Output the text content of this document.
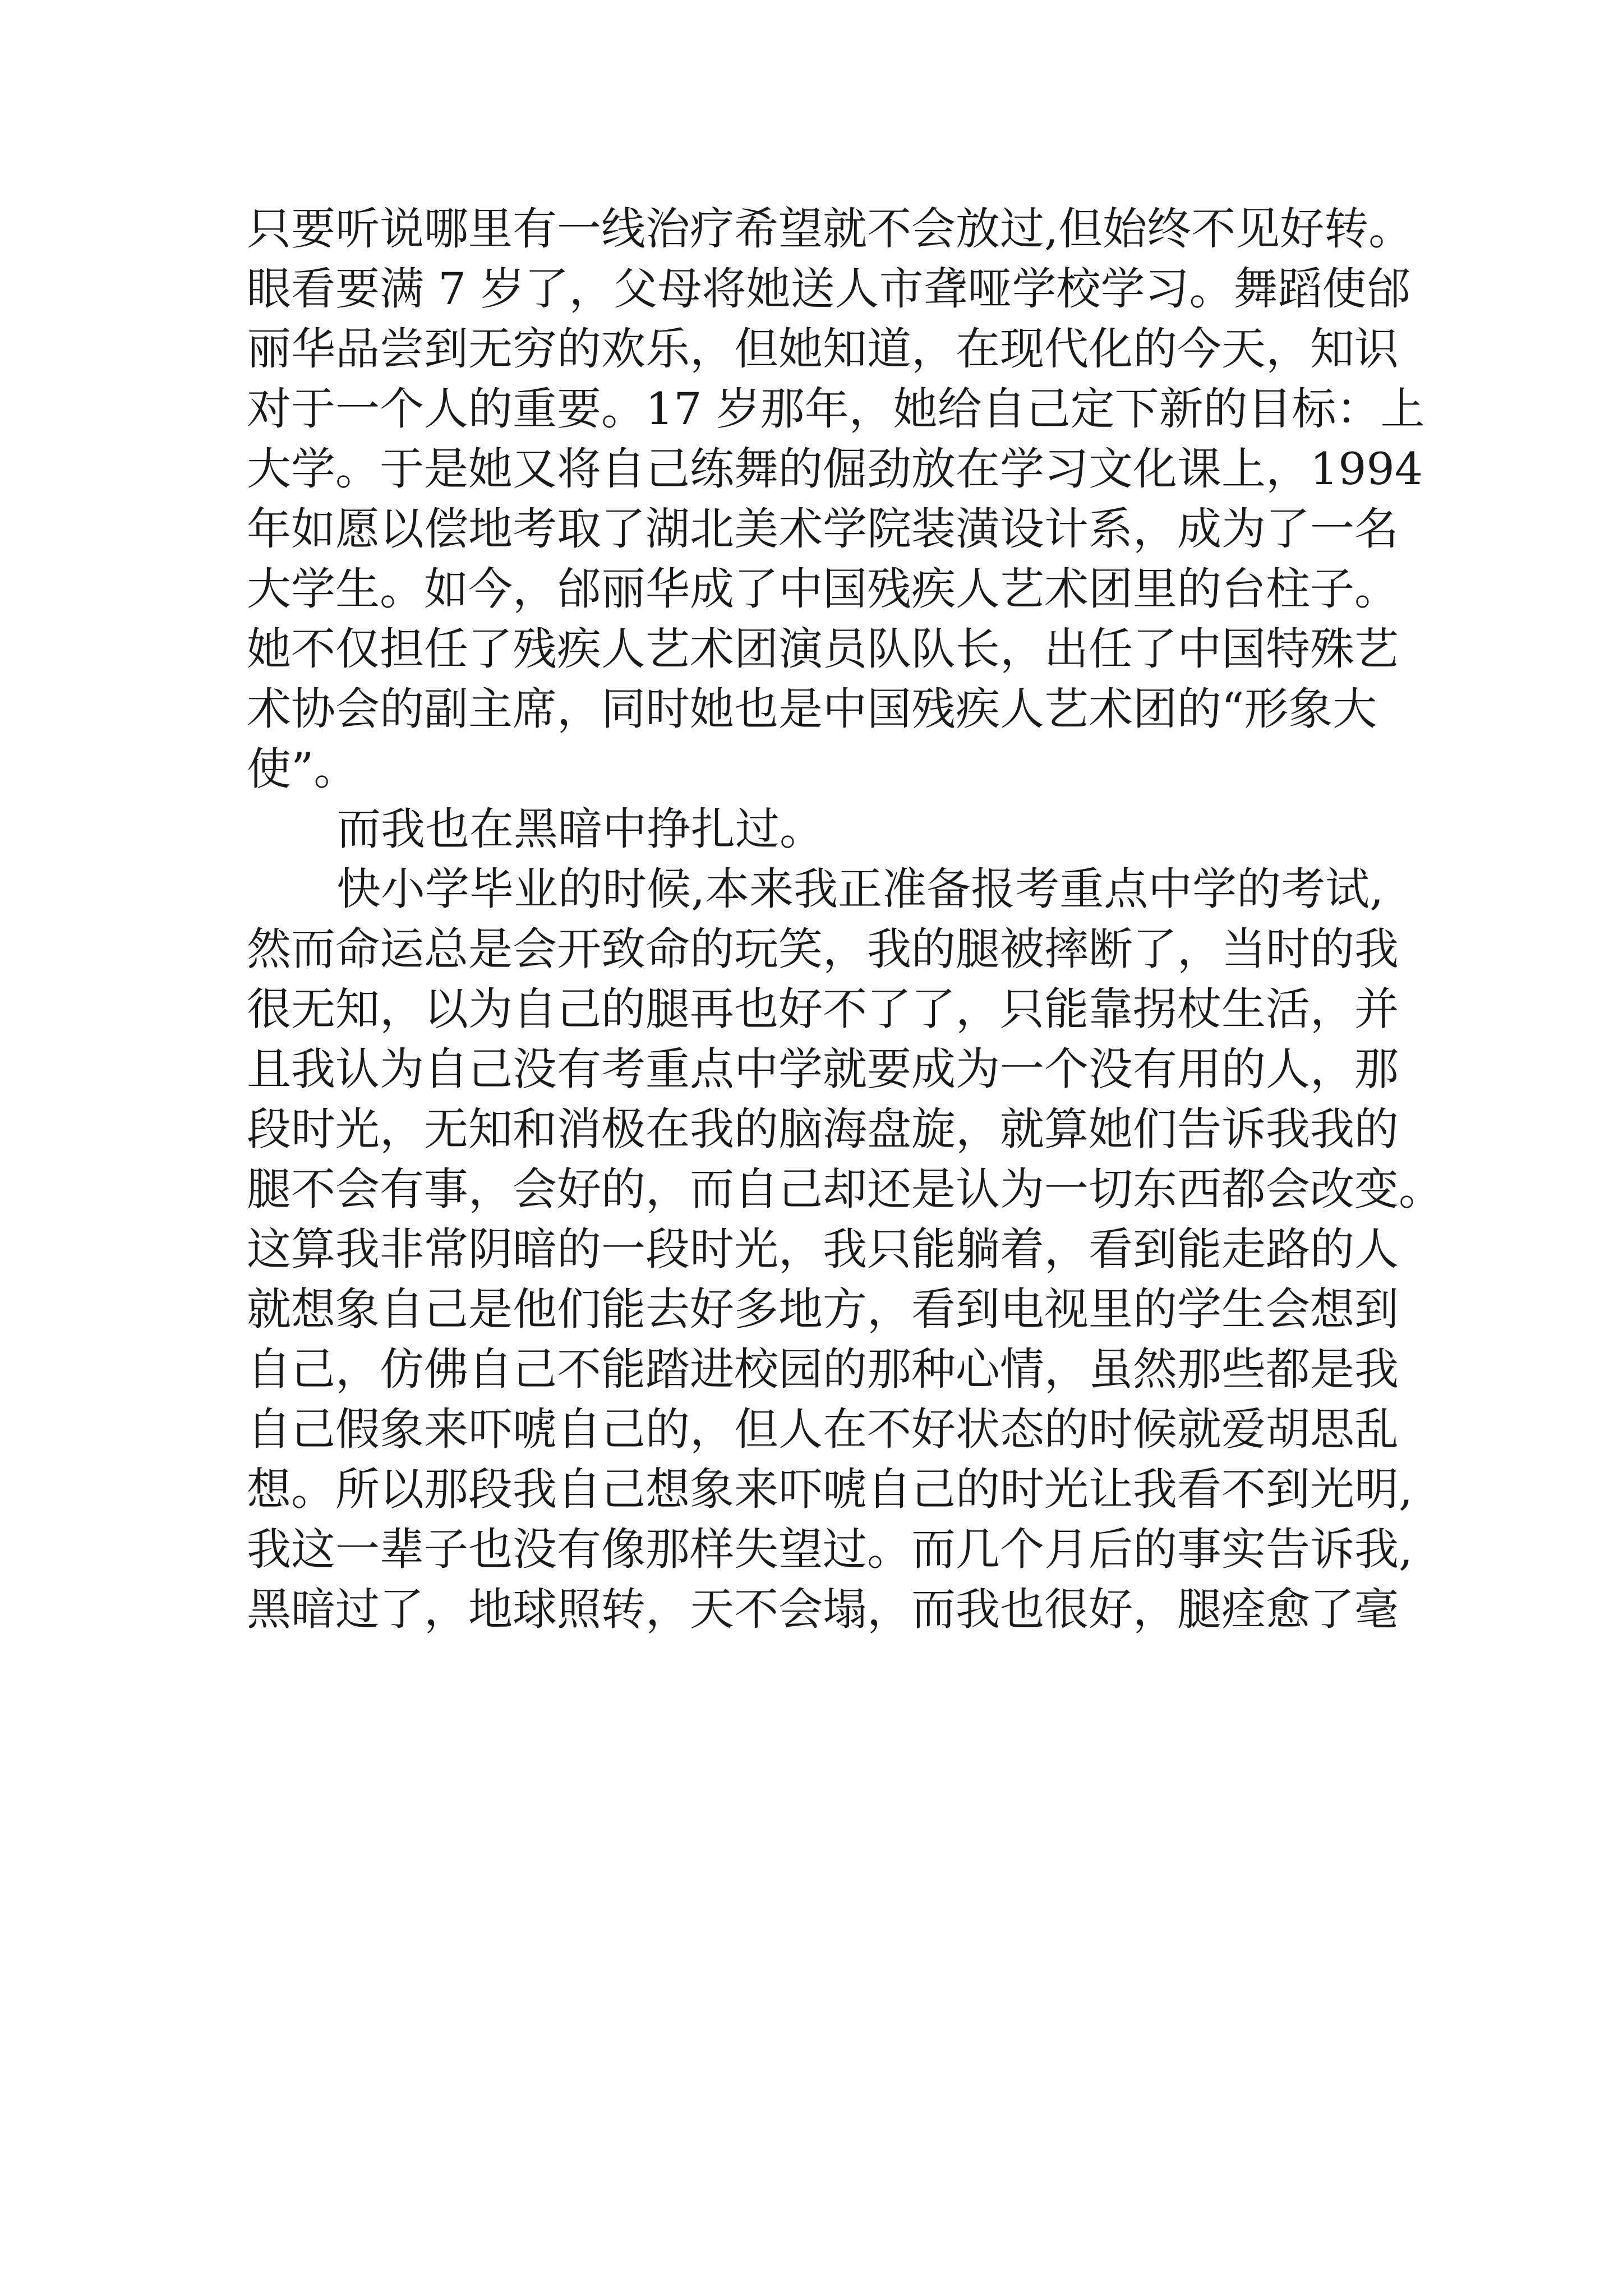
只要听说哪里有一线治疗希望就不会放过,但始终不见好转。
眼看要满 7 岁了，父母将她送人市聋哑学校学习。舞蹈使邰
丽华品尝到无穷的欢乐，但她知道，在现代化的今天，知识
对于一个人的重要。17 岁那年，她给自己定下新的目标：上
大学。于是她又将自己练舞的倔劲放在学习文化课上，1994
年如愿以偿地考取了湖北美术学院装潢设计系，成为了一名
大学生。如今，邰丽华成了中国残疾人艺术团里的台柱子。
她不仅担任了残疾人艺术团演员队队长，出任了中国特殊艺
术协会的副主席，同时她也是中国残疾人艺术团的“形象大
使”。
而我也在黑暗中挣扎过。
快小学毕业的时候,本来我正准备报考重点中学的考试,
然而命运总是会开致命的玩笑，我的腿被摔断了，当时的我
很无知，以为自己的腿再也好不了了，只能靠拐杖生活，并
且我认为自己没有考重点中学就要成为一个没有用的人，那
段时光，无知和消极在我的脑海盘旋，就算她们告诉我我的
腿不会有事，会好的，而自己却还是认为一切东西都会改变。
这算我非常阴暗的一段时光，我只能躺着，看到能走路的人
就想象自己是他们能去好多地方，看到电视里的学生会想到
自己，仿佛自己不能踏进校园的那种心情，虽然那些都是我
自己假象来吓唬自己的，但人在不好状态的时候就爱胡思乱
想。所以那段我自己想象来吓唬自己的时光让我看不到光明,
我这一辈子也没有像那样失望过。而几个月后的事实告诉我,
黑暗过了，地球照转，天不会塌，而我也很好，腿痊愈了毫
